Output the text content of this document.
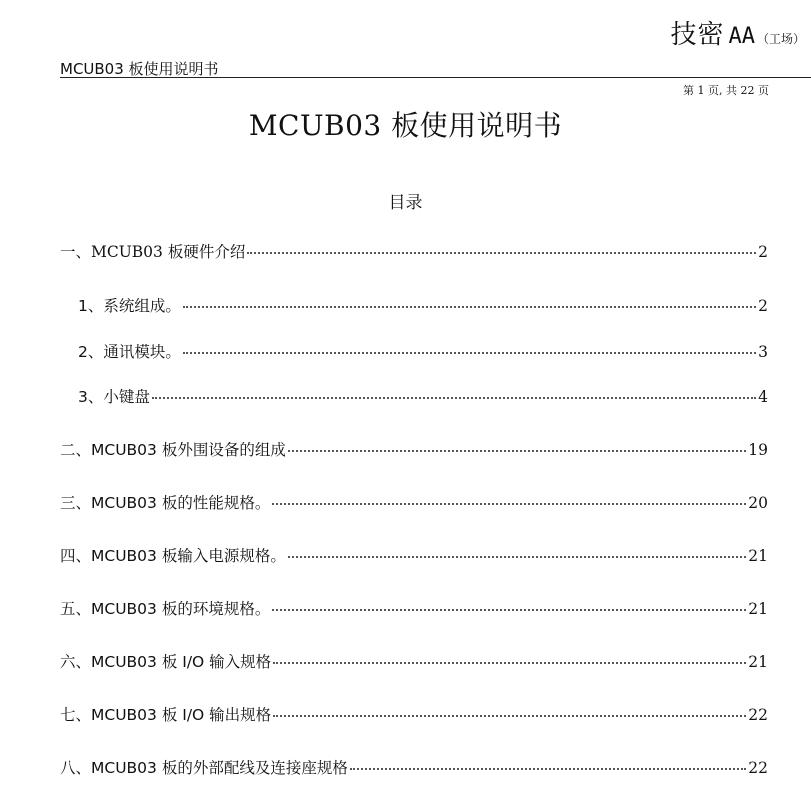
技密 AA （工场）
MCUB03 板使用说明书
第 1 页, 共 22 页
MCUB03 板使用说明书
目录
一、MCUB03 板硬件介绍	2
1、系统组成。	2
2、通讯模块。	3
3、小键盘	4
二、MCUB03 板外围设备的组成	19
三、MCUB03 板的性能规格。	20
四、MCUB03 板输入电源规格。	21
五、MCUB03 板的环境规格。	21
六、MCUB03 板 I/O 输入规格	21
七、MCUB03 板 I/O 输出规格	22
八、MCUB03 板的外部配线及连接座规格	22
